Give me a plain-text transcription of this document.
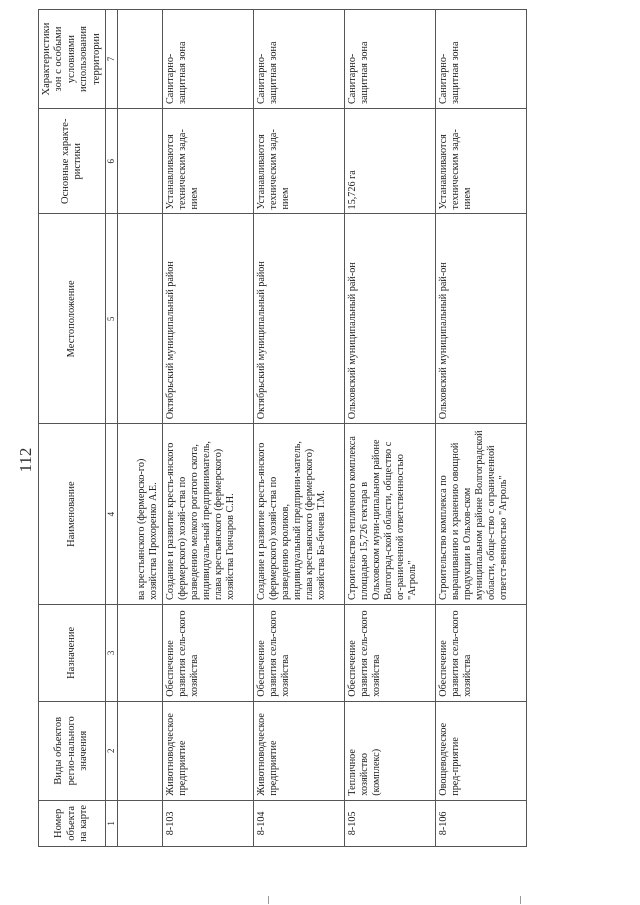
112
Номер объекта на карте	Виды объектов регио-нального значения	Назначение	Наименование	Местоположение	Основные характе-ристики	Характеристики зон с особыми условиями использования территории
1	2	3	4	5	6	7
			ва крестьянского (фермерско-го) хозяйства Прохоренко А.Е.			
8-103	Животноводческое предприятие	Обеспечение развития сель-ского хозяйства	Создание и развитие кресть-янского (фермерского) хозяй-ства по разведению мелкого рогатого скота, индивидуаль-ный предприниматель, глава крестьянского (фермерского) хозяйства Гончаров С.Н.	Октябрьский муниципальный район	Устанавливаются техническим зада-нием	Санитарно-защитная зона
8-104	Животноводческое предприятие	Обеспечение развития сель-ского хозяйства	Создание и развитие кресть-янского (фермерского) хозяй-ства по разведению кроликов, индивидуальный предприни-матель, глава крестьянского (фермерского) хозяйства Ба-бичева Т.М.	Октябрьский муниципальный район	Устанавливаются техническим зада-нием	Санитарно-защитная зона
8-105	Тепличное хозяйство (комплекс)	Обеспечение развития сель-ского хозяйства	Строительство тепличного комплекса площадью 15,726 гектара в Ольховском муни-ципальном районе Волгоград-ской области, общество с ог-раниченной ответственностью "Агроль"	Ольховский муниципальный рай-он	15,726 га	Санитарно-защитная зона
8-106	Овощеводческое пред-приятие	Обеспечение развития сель-ского хозяйства	Строительство комплекса по выращиванию и хранению овощной продукции в Ольхов-ском муниципальном районе Волгоградской области, обще-ство с ограниченной ответст-венностью "Агроль"	Ольховский муниципальный рай-он	Устанавливаются техническим зада-нием	Санитарно-защитная зона
